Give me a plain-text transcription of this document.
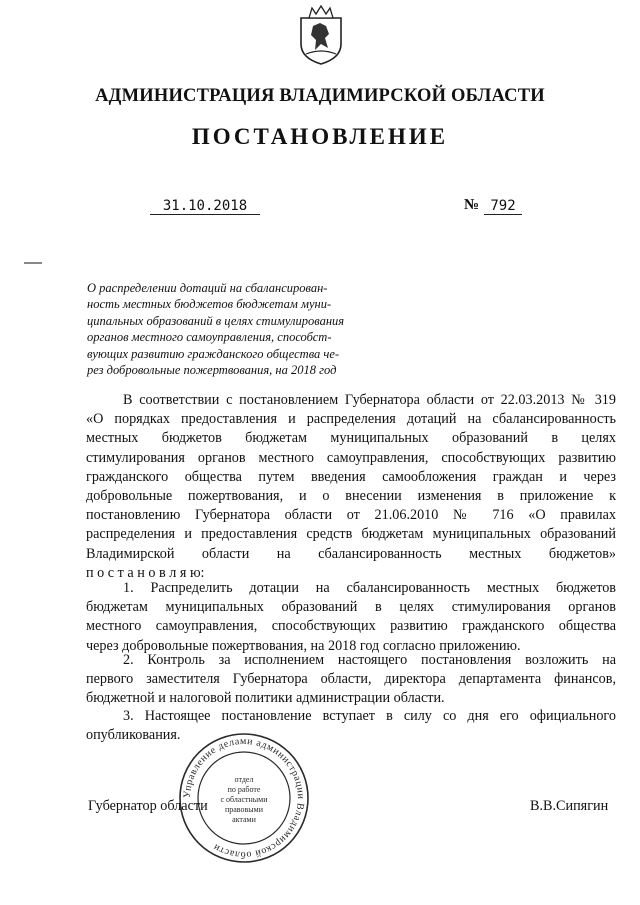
АДМИНИСТРАЦИЯ ВЛАДИМИРСКОЙ ОБЛАСТИ
ПОСТАНОВЛЕНИЕ
31.10.2018	№ 792
О распределении дотаций на сбалансирован-
ность местных бюджетов бюджетам муни-
ципальных образований в целях стимулирования
органов местного самоуправления, способст-
вующих развитию гражданского общества че-
рез добровольные пожертвования, на 2018 год
В соответствии с постановлением Губернатора области от 22.03.2013 № 319
«О порядках предоставления и распределения дотаций на сбалансированность
местных бюджетов бюджетам муниципальных образований в целях
стимулирования органов местного самоуправления, способствующих развитию
гражданского общества путем введения самообложения граждан и через
добровольные пожертвования, и о внесении изменения в приложение к
постановлению Губернатора области от 21.06.2010 № 716 «О правилах
распределения и предоставления средств бюджетам муниципальных образований
Владимирской области на сбалансированность местных бюджетов»
п о с т а н о в л я ю:
1. Распределить дотации на сбалансированность местных бюджетов
бюджетам муниципальных образований в целях стимулирования органов
местного самоуправления, способствующих развитию гражданского общества
через добровольные пожертвования, на 2018 год согласно приложению.
2. Контроль за исполнением настоящего постановления возложить на
первого заместителя Губернатора области, директора департамента финансов,
бюджетной и налоговой политики администрации области.
3. Настоящее постановление вступает в силу со дня его официального
опубликования.
Управление делами администрации Владимирской области
отдел
по работе
с областными
правовыми
актами
Губернатор области	В.В.Сипягин
